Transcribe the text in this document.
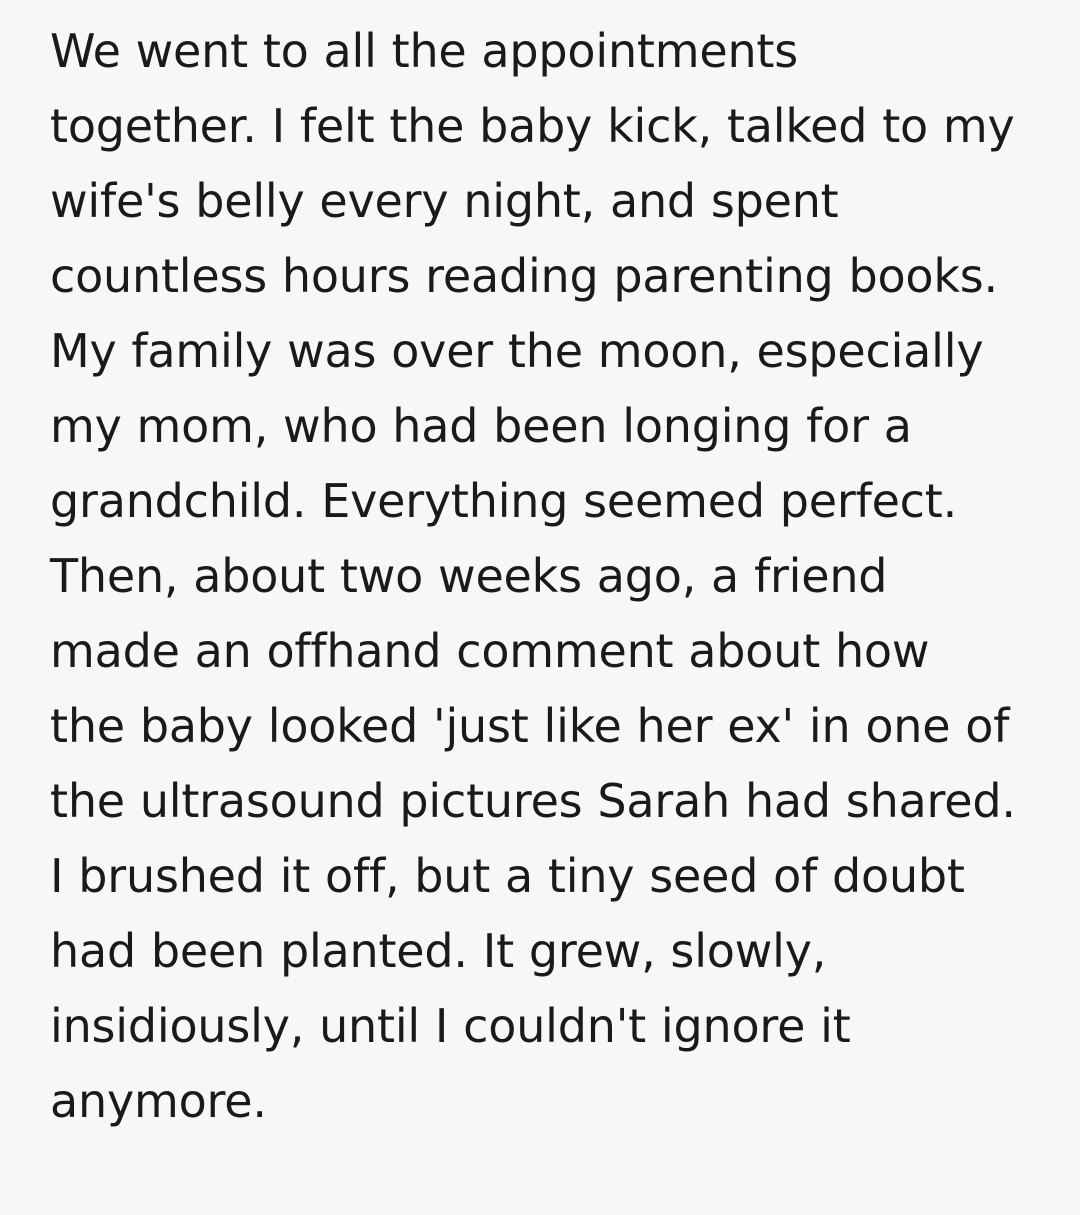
We went to all the appointments together. I felt the baby kick, talked to my wife's belly every night, and spent countless hours reading parenting books. My family was over the moon, especially my mom, who had been longing for a grandchild. Everything seemed perfect. Then, about two weeks ago, a friend made an offhand comment about how the baby looked 'just like her ex' in one of the ultrasound pictures Sarah had shared. I brushed it off, but a tiny seed of doubt had been planted. It grew, slowly, insidiously, until I couldn't ignore it anymore.
